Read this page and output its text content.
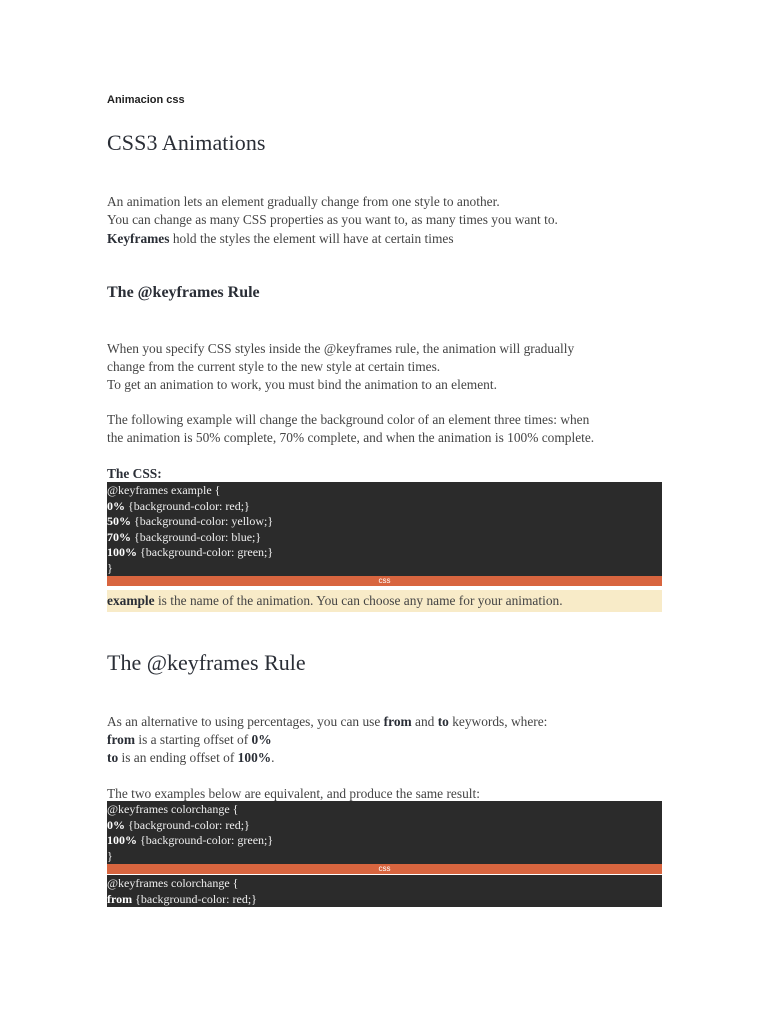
Animacion css
CSS3 Animations
An animation lets an element gradually change from one style to another.
You can change as many CSS properties as you want to, as many times you want to.
Keyframes hold the styles the element will have at certain times
The @keyframes Rule
When you specify CSS styles inside the @keyframes rule, the animation will gradually
change from the current style to the new style at certain times.
To get an animation to work, you must bind the animation to an element.
The following example will change the background color of an element three times: when
the animation is 50% complete, 70% complete, and when the animation is 100% complete.
The CSS:
@keyframes example {
0% {background-color: red;}
50% {background-color: yellow;}
70% {background-color: blue;}
100% {background-color: green;}
}
css
example is the name of the animation. You can choose any name for your animation.
The @keyframes Rule
As an alternative to using percentages, you can use from and to keywords, where:
from is a starting offset of 0%
to is an ending offset of 100%.
The two examples below are equivalent, and produce the same result:
@keyframes colorchange {
0% {background-color: red;}
100% {background-color: green;}
}
css
@keyframes colorchange {
from {background-color: red;}
